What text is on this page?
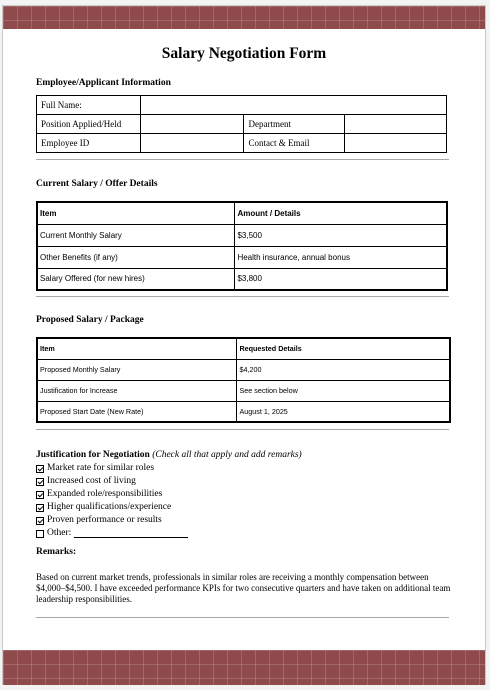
Salary Negotiation Form
Employee/Applicant Information
Full Name:			
Position Applied/Held		Department	
Employee ID		Contact & Email	
Current Salary / Offer Details
Item	Amount / Details
Current Monthly Salary	$3,500
Other Benefits (if any)	Health insurance, annual bonus
Salary Offered (for new hires)	$3,800
Proposed Salary / Package
Item	Requested Details
Proposed Monthly Salary	$4,200
Justification for Increase	See section below
Proposed Start Date (New Rate)	August 1, 2025
Justification for Negotiation (Check all that apply and add remarks)
Market rate for similar roles
Increased cost of living
Expanded role/responsibilities
Higher qualifications/experience
Proven performance or results
Other:
Remarks:
Based on current market trends, professionals in similar roles are receiving a monthly compensation between $4,000–$4,500. I have exceeded performance KPIs for two consecutive quarters and have taken on additional team leadership responsibilities.
